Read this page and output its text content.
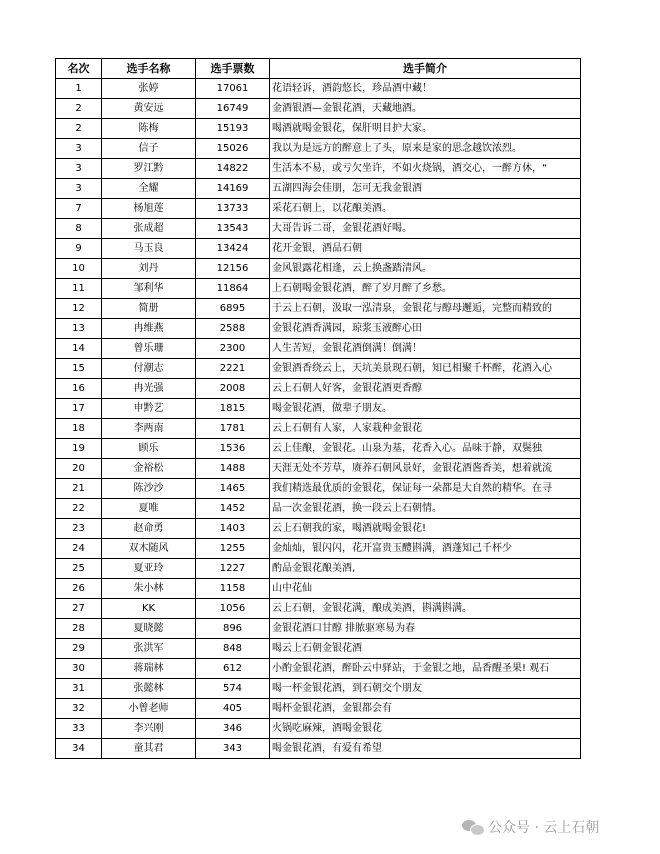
名次	选手名称	选手票数	选手简介
1	张婷	17061	花语轻诉，酒韵悠长，珍品酒中藏！

2	黄安远	16749	金酒银酒—金银花酒，天藏地酒。

2	陈梅	15193	喝酒就喝金银花，保肝明目护大家。

3	信子	15026	我以为是远方的醉意上了头，原来是家的思念越饮浓烈。

3	罗江黔	14822	生活本不易，或亏欠坐许，不如火烧锅，酒交心，一醉方休，“

3	全耀	14169	五湖四海会佳朋，怎可无我金银酒

7	杨旭莲	13733	采花石朝上，以花酿美酒。

8	张成超	13543	大哥告诉二哥，金银花酒好喝。

9	马玉良	13424	花开金银，酒品石朝

10	刘丹	12156	金风银露花相逢，云上换盏踏清风。

11	邹利华	11864	上石朝喝金银花酒，醉了岁月醉了乡愁。

12	简册	6895	于云上石朝，汲取一泓清泉，金银花与醇母邂逅，完整而精致的

13	冉维燕	2588	金银花酒香满园，琼浆玉液醉心田

14	曾乐珊	2300	人生苦短，金银花酒倒满！倒满！

15	付潮志	2221	金银酒香绕云上，天坑美景现石朝，知已相聚千杯醉，花酒入心

16	冉光强	2008	云上石朝人好客，金银花酒更香醇

17	申黔艺	1815	喝金银花酒，做辈子朋友。

18	李两南	1781	云上石朝有人家，人家栽种金银花

19	顾乐	1536	云上佳酿，金银花。山泉为基，花香入心。品味于静，双鬓独

20	金裕松	1488	天涯无处不芳草，赓养石朝风景好，金银花酒酱香美，想着就流

21	陈沙沙	1465	我们精选最优质的金银花，保证每一朵都是大自然的精华。在寻

22	夏唯	1452	品一次金银花酒，换一段云上石朝情。

23	赵命勇	1403	云上石朝我的家，喝酒就喝金银花!

24	双木随风	1255	金灿灿，银闪闪，花开富贵玉醴斟满，酒蓬知己千杯少

25	夏亚玲	1227	酌品金银花酿美酒,

26	朱小林	1158	山中花仙

27	KK	1056	云上石朝，金银花满，酿成美酒，斟满斟满。

28	夏晓懿	896	金银花酒口甘醇 排脓驱寒易为春

29	张洪军	848	喝云上石朝金银花酒

30	蒋瑞林	612	小酌金银花酒，醉卧云中驿站，于金银之地，品香醒圣果! 观石

31	张懿林	574	喝一杯金银花酒，到石朝交个朋友

32	小曾老师	405	喝杯金银花酒，金银都会有

33	李兴刚	346	火锅吃麻辣，酒喝金银花

34	童其君	343	喝金银花酒，有爱有希望
公众号 · 云上石朝
